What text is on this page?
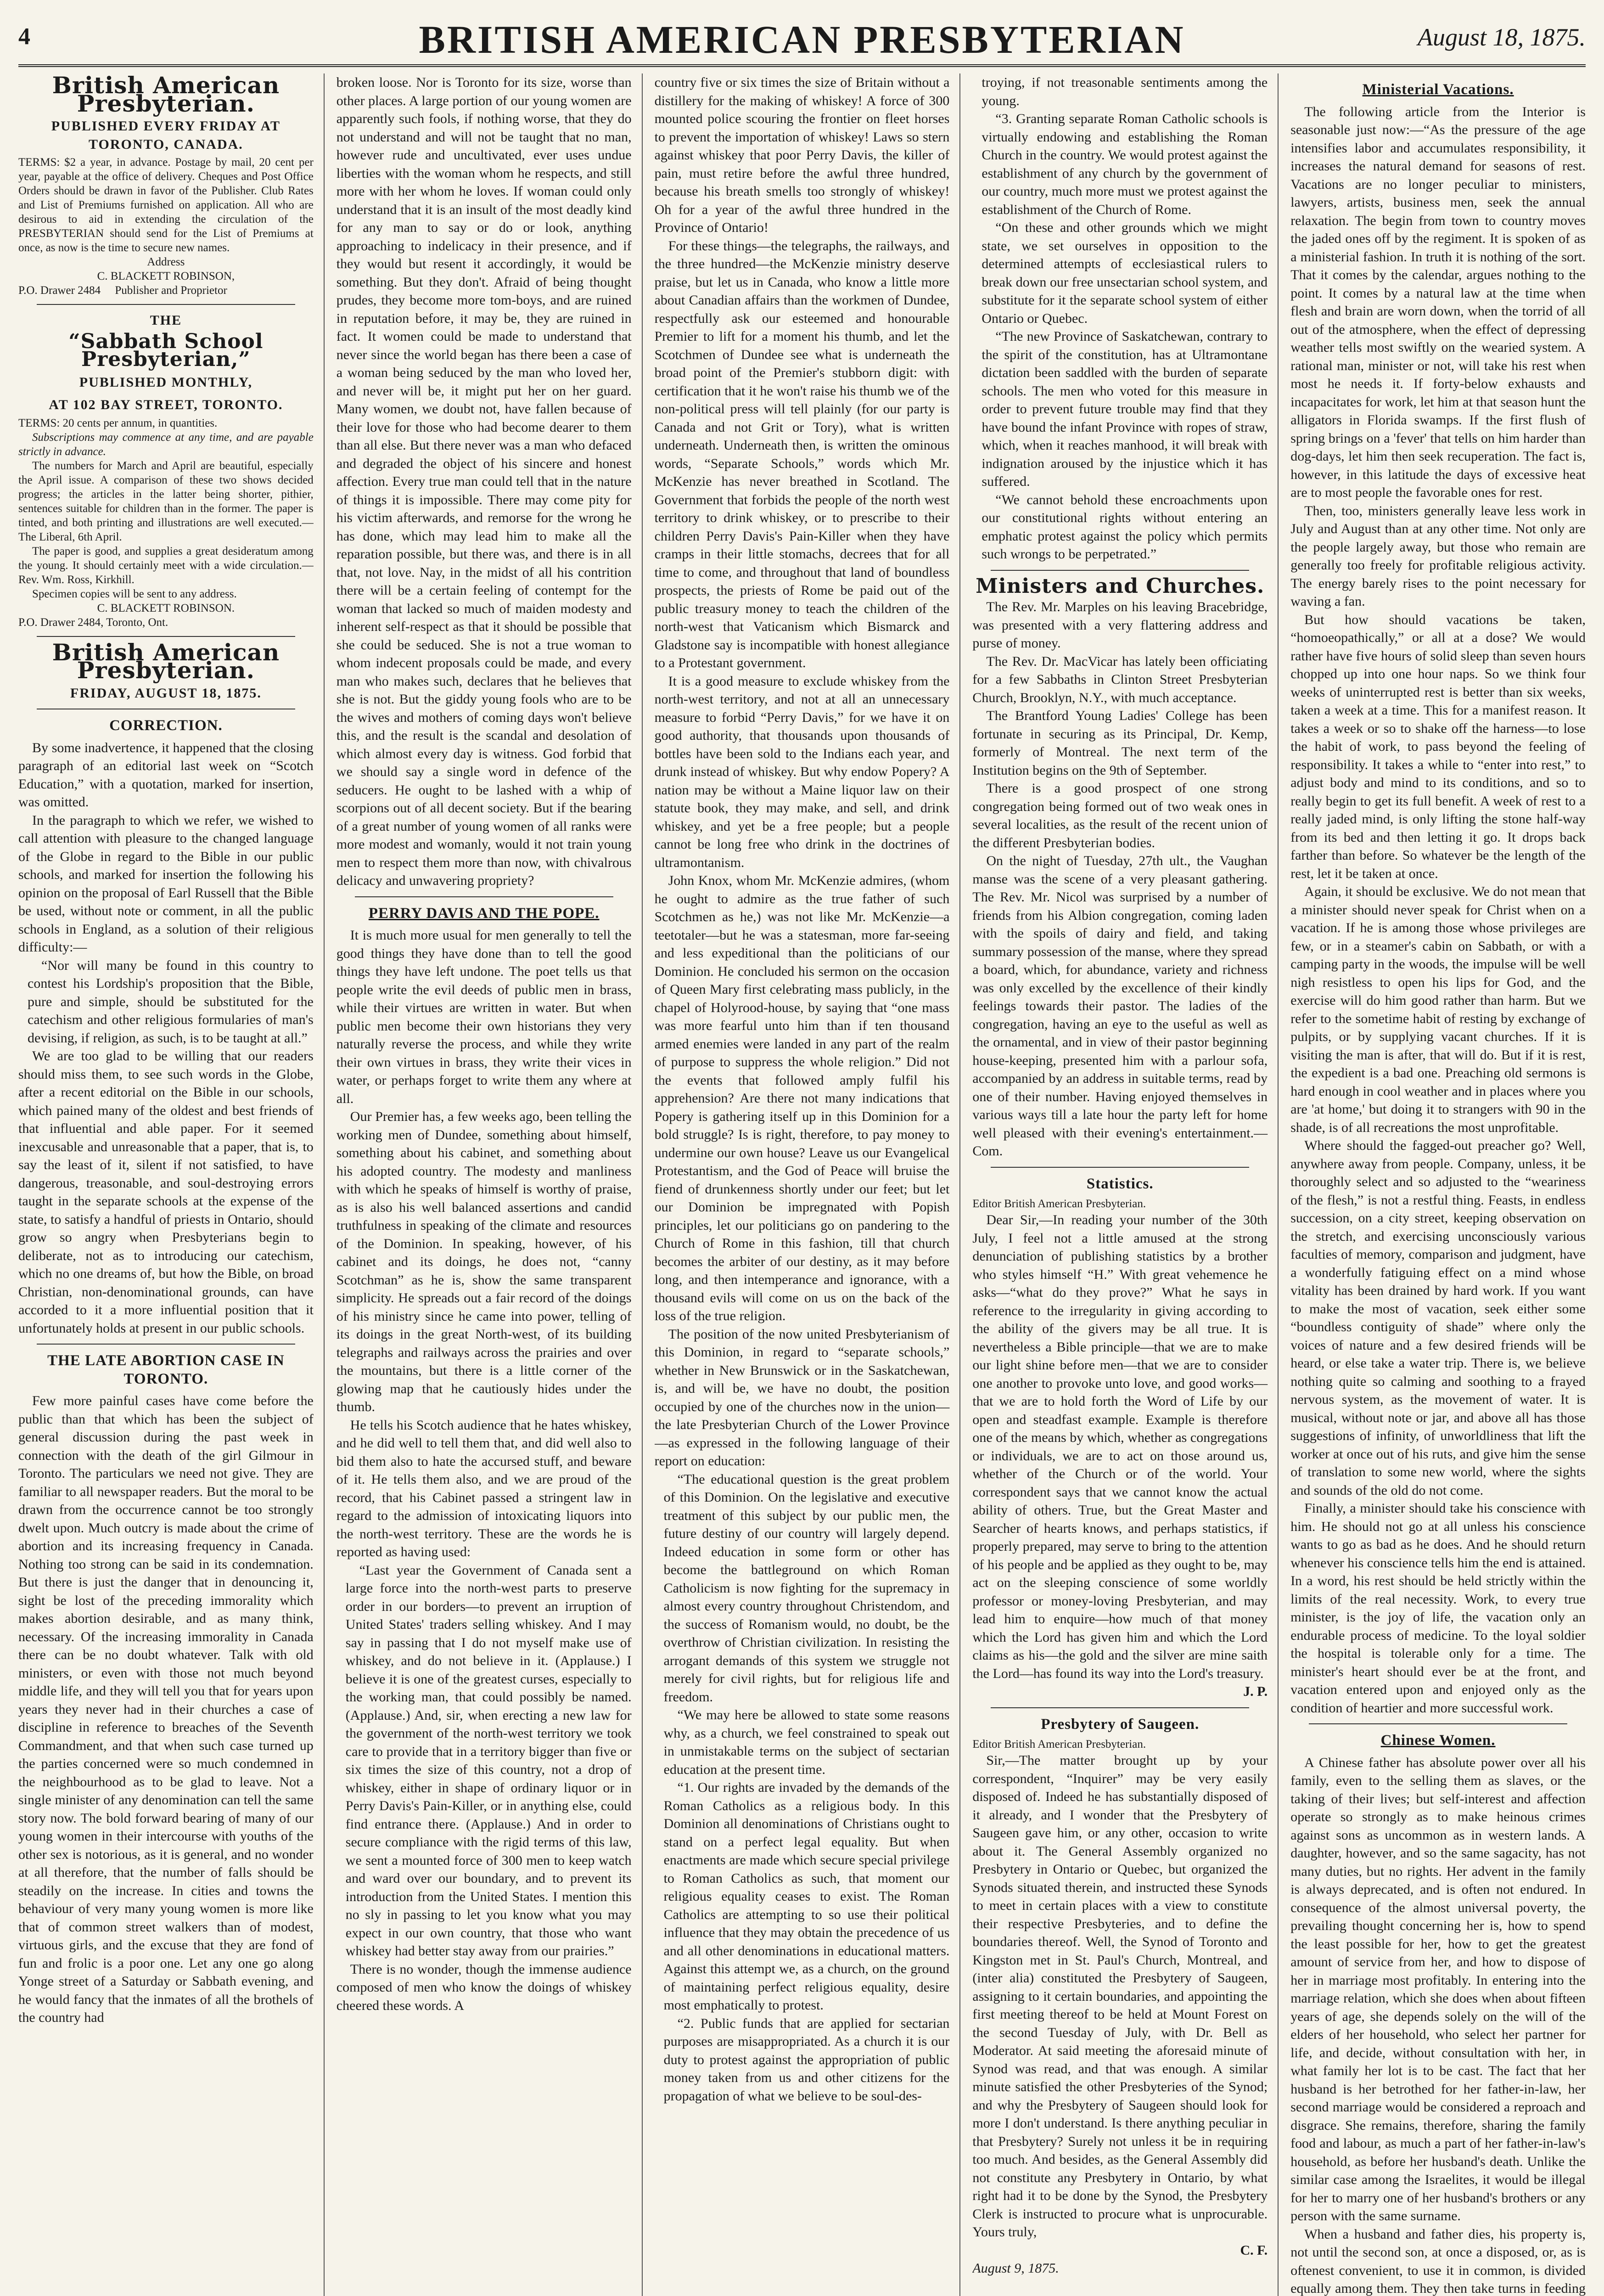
4	BRITISH AMERICAN PRESBYTERIAN	August 18, 1875.
British American Presbyterian.
PUBLISHED EVERY FRIDAY AT TORONTO, CANADA.

TERMS: $2 a year, in advance. Postage by mail, 20 cent per year, payable at the office of delivery. Cheques and Post Office Orders should be drawn in favor of the Publisher. Club Rates and List of Premiums furnished on application. All who are desirous to aid in extending the circulation of the PRESBYTERIAN should send for the List of Premiums at once, as now is the time to secure new names.

Address

C. BLACKETT ROBINSON,

P.O. Drawer 2484 Publisher and Proprietor

THE
“Sabbath School Presbyterian,”
PUBLISHED MONTHLY,
AT 102 BAY STREET, TORONTO.

TERMS: 20 cents per annum, in quantities.

Subscriptions may commence at any time, and are payable strictly in advance.

The numbers for March and April are beautiful, especially the April issue. A comparison of these two shows decided progress; the articles in the latter being shorter, pithier, sentences suitable for children than in the former. The paper is tinted, and both printing and illustrations are well executed.—The Liberal, 6th April.

The paper is good, and supplies a great desideratum among the young. It should certainly meet with a wide circulation.—Rev. Wm. Ross, Kirkhill.

Specimen copies will be sent to any address.

C. BLACKETT ROBINSON.

P.O. Drawer 2484, Toronto, Ont.

British American Presbyterian.
FRIDAY, AUGUST 18, 1875.
CORRECTION.

By some inadvertence, it happened that the closing paragraph of an editorial last week on “Scotch Education,” with a quotation, marked for insertion, was omitted.

In the paragraph to which we refer, we wished to call attention with pleasure to the changed language of the Globe in regard to the Bible in our public schools, and marked for insertion the following his opinion on the proposal of Earl Russell that the Bible be used, without note or comment, in all the public schools in England, as a solution of their religious difficulty:—

“Nor will many be found in this country to contest his Lordship's proposition that the Bible, pure and simple, should be substituted for the catechism and other religious formularies of man's devising, if religion, as such, is to be taught at all.”

We are too glad to be willing that our readers should miss them, to see such words in the Globe, after a recent editorial on the Bible in our schools, which pained many of the oldest and best friends of that influential and able paper. For it seemed inexcusable and unreasonable that a paper, that is, to say the least of it, silent if not satisfied, to have dangerous, treasonable, and soul-destroying errors taught in the separate schools at the expense of the state, to satisfy a handful of priests in Ontario, should grow so angry when Presbyterians begin to deliberate, not as to introducing our catechism, which no one dreams of, but how the Bible, on broad Christian, non-denominational grounds, can have accorded to it a more influential position that it unfortunately holds at present in our public schools.

THE LATE ABORTION CASE IN TORONTO.

Few more painful cases have come before the public than that which has been the subject of general discussion during the past week in connection with the death of the girl Gilmour in Toronto. The particulars we need not give. They are familiar to all newspaper readers. But the moral to be drawn from the occurrence cannot be too strongly dwelt upon. Much outcry is made about the crime of abortion and its increasing frequency in Canada. Nothing too strong can be said in its condemnation. But there is just the danger that in denouncing it, sight be lost of the preceding immorality which makes abortion desirable, and as many think, necessary. Of the increasing immorality in Canada there can be no doubt whatever. Talk with old ministers, or even with those not much beyond middle life, and they will tell you that for years upon years they never had in their churches a case of discipline in reference to breaches of the Seventh Commandment, and that when such case turned up the parties concerned were so much condemned in the neighbourhood as to be glad to leave. Not a single minister of any denomination can tell the same story now. The bold forward bearing of many of our young women in their intercourse with youths of the other sex is notorious, as it is general, and no wonder at all therefore, that the number of falls should be steadily on the increase. In cities and towns the behaviour of very many young women is more like that of common street walkers than of modest, virtuous girls, and the excuse that they are fond of fun and frolic is a poor one. Let any one go along Yonge street of a Saturday or Sabbath evening, and he would fancy that the inmates of all the brothels of the country had

broken loose. Nor is Toronto for its size, worse than other places. A large portion of our young women are apparently such fools, if nothing worse, that they do not understand and will not be taught that no man, however rude and uncultivated, ever uses undue liberties with the woman whom he respects, and still more with her whom he loves. If woman could only understand that it is an insult of the most deadly kind for any man to say or do or look, anything approaching to indelicacy in their presence, and if they would but resent it accordingly, it would be something. But they don't. Afraid of being thought prudes, they become more tom-boys, and are ruined in reputation before, it may be, they are ruined in fact. It women could be made to understand that never since the world began has there been a case of a woman being seduced by the man who loved her, and never will be, it might put her on her guard. Many women, we doubt not, have fallen because of their love for those who had become dearer to them than all else. But there never was a man who defaced and degraded the object of his sincere and honest affection. Every true man could tell that in the nature of things it is impossible. There may come pity for his victim afterwards, and remorse for the wrong he has done, which may lead him to make all the reparation possible, but there was, and there is in all that, not love. Nay, in the midst of all his contrition there will be a certain feeling of contempt for the woman that lacked so much of maiden modesty and inherent self-respect as that it should be possible that she could be seduced. She is not a true woman to whom indecent proposals could be made, and every man who makes such, declares that he believes that she is not. But the giddy young fools who are to be the wives and mothers of coming days won't believe this, and the result is the scandal and desolation of which almost every day is witness. God forbid that we should say a single word in defence of the seducers. He ought to be lashed with a whip of scorpions out of all decent society. But if the bearing of a great number of young women of all ranks were more modest and womanly, would it not train young men to respect them more than now, with chivalrous delicacy and unwavering propriety?

PERRY DAVIS AND THE POPE.

It is much more usual for men generally to tell the good things they have done than to tell the good things they have left undone. The poet tells us that people write the evil deeds of public men in brass, while their virtues are written in water. But when public men become their own historians they very naturally reverse the process, and while they write their own virtues in brass, they write their vices in water, or perhaps forget to write them any where at all.

Our Premier has, a few weeks ago, been telling the working men of Dundee, something about himself, something about his cabinet, and something about his adopted country. The modesty and manliness with which he speaks of himself is worthy of praise, as is also his well balanced assertions and candid truthfulness in speaking of the climate and resources of the Dominion. In speaking, however, of his cabinet and its doings, he does not, “canny Scotchman” as he is, show the same transparent simplicity. He spreads out a fair record of the doings of his ministry since he came into power, telling of its doings in the great North-west, of its building telegraphs and railways across the prairies and over the mountains, but there is a little corner of the glowing map that he cautiously hides under the thumb.

He tells his Scotch audience that he hates whiskey, and he did well to tell them that, and did well also to bid them also to hate the accursed stuff, and beware of it. He tells them also, and we are proud of the record, that his Cabinet passed a stringent law in regard to the admission of intoxicating liquors into the north-west territory. These are the words he is reported as having used:

“Last year the Government of Canada sent a large force into the north-west parts to preserve order in our borders—to prevent an irruption of United States' traders selling whiskey. And I may say in passing that I do not myself make use of whiskey, and do not believe in it. (Applause.) I believe it is one of the greatest curses, especially to the working man, that could possibly be named. (Applause.) And, sir, when erecting a new law for the government of the north-west territory we took care to provide that in a territory bigger than five or six times the size of this country, not a drop of whiskey, either in shape of ordinary liquor or in Perry Davis's Pain-Killer, or in anything else, could find entrance there. (Applause.) And in order to secure compliance with the rigid terms of this law, we sent a mounted force of 300 men to keep watch and ward over our boundary, and to prevent its introduction from the United States. I mention this no sly in passing to let you know what you may expect in our own country, that those who want whiskey had better stay away from our prairies.”

There is no wonder, though the immense audience composed of men who know the doings of whiskey cheered these words. A

country five or six times the size of Britain without a distillery for the making of whiskey! A force of 300 mounted police scouring the frontier on fleet horses to prevent the importation of whiskey! Laws so stern against whiskey that poor Perry Davis, the killer of pain, must retire before the awful three hundred, because his breath smells too strongly of whiskey! Oh for a year of the awful three hundred in the Province of Ontario!

For these things—the telegraphs, the railways, and the three hundred—the McKenzie ministry deserve praise, but let us in Canada, who know a little more about Canadian affairs than the workmen of Dundee, respectfully ask our esteemed and honourable Premier to lift for a moment his thumb, and let the Scotchmen of Dundee see what is underneath the broad point of the Premier's stubborn digit: with certification that it he won't raise his thumb we of the non-political press will tell plainly (for our party is Canada and not Grit or Tory), what is written underneath. Underneath then, is written the ominous words, “Separate Schools,” words which Mr. McKenzie has never breathed in Scotland. The Government that forbids the people of the north west territory to drink whiskey, or to prescribe to their children Perry Davis's Pain-Killer when they have cramps in their little stomachs, decrees that for all time to come, and throughout that land of boundless prospects, the priests of Rome be paid out of the public treasury money to teach the children of the north-west that Vaticanism which Bismarck and Gladstone say is incompatible with honest allegiance to a Protestant government.

It is a good measure to exclude whiskey from the north-west territory, and not at all an unnecessary measure to forbid “Perry Davis,” for we have it on good authority, that thousands upon thousands of bottles have been sold to the Indians each year, and drunk instead of whiskey. But why endow Popery? A nation may be without a Maine liquor law on their statute book, they may make, and sell, and drink whiskey, and yet be a free people; but a people cannot be long free who drink in the doctrines of ultramontanism.

John Knox, whom Mr. McKenzie admires, (whom he ought to admire as the true father of such Scotchmen as he,) was not like Mr. McKenzie—a teetotaler—but he was a statesman, more far-seeing and less expeditional than the politicians of our Dominion. He concluded his sermon on the occasion of Queen Mary first celebrating mass publicly, in the chapel of Holyrood-house, by saying that “one mass was more fearful unto him than if ten thousand armed enemies were landed in any part of the realm of purpose to suppress the whole religion.” Did not the events that followed amply fulfil his apprehension? Are there not many indications that Popery is gathering itself up in this Dominion for a bold struggle? Is is right, therefore, to pay money to undermine our own house? Leave us our Evangelical Protestantism, and the God of Peace will bruise the fiend of drunkenness shortly under our feet; but let our Dominion be impregnated with Popish principles, let our politicians go on pandering to the Church of Rome in this fashion, till that church becomes the arbiter of our destiny, as it may before long, and then intemperance and ignorance, with a thousand evils will come on us on the back of the loss of the true religion.

The position of the now united Presbyterianism of this Dominion, in regard to “separate schools,” whether in New Brunswick or in the Saskatchewan, is, and will be, we have no doubt, the position occupied by one of the churches now in the union—the late Presbyterian Church of the Lower Province—as expressed in the following language of their report on education:

“The educational question is the great problem of this Dominion. On the legislative and executive treatment of this subject by our public men, the future destiny of our country will largely depend. Indeed education in some form or other has become the battleground on which Roman Catholicism is now fighting for the supremacy in almost every country throughout Christendom, and the success of Romanism would, no doubt, be the overthrow of Christian civilization. In resisting the arrogant demands of this system we struggle not merely for civil rights, but for religious life and freedom.

“We may here be allowed to state some reasons why, as a church, we feel constrained to speak out in unmistakable terms on the subject of sectarian education at the present time.

“1. Our rights are invaded by the demands of the Roman Catholics as a religious body. In this Dominion all denominations of Christians ought to stand on a perfect legal equality. But when enactments are made which secure special privilege to Roman Catholics as such, that moment our religious equality ceases to exist. The Roman Catholics are attempting to so use their political influence that they may obtain the precedence of us and all other denominations in educational matters. Against this attempt we, as a church, on the ground of maintaining perfect religious equality, desire most emphatically to protest.

“2. Public funds that are applied for sectarian purposes are misappropriated. As a church it is our duty to protest against the appropriation of public money taken from us and other citizens for the propagation of what we believe to be soul-des-

troying, if not treasonable sentiments among the young.

“3. Granting separate Roman Catholic schools is virtually endowing and establishing the Roman Church in the country. We would protest against the establishment of any church by the government of our country, much more must we protest against the establishment of the Church of Rome.

“On these and other grounds which we might state, we set ourselves in opposition to the determined attempts of ecclesiastical rulers to break down our free unsectarian school system, and substitute for it the separate school system of either Ontario or Quebec.

“The new Province of Saskatchewan, contrary to the spirit of the constitution, has at Ultramontane dictation been saddled with the burden of separate schools. The men who voted for this measure in order to prevent future trouble may find that they have bound the infant Province with ropes of straw, which, when it reaches manhood, it will break with indignation aroused by the injustice which it has suffered.

“We cannot behold these encroachments upon our constitutional rights without entering an emphatic protest against the policy which permits such wrongs to be perpetrated.”

Ministers and Churches.

The Rev. Mr. Marples on his leaving Bracebridge, was presented with a very flattering address and purse of money.

The Rev. Dr. MacVicar has lately been officiating for a few Sabbaths in Clinton Street Presbyterian Church, Brooklyn, N.Y., with much acceptance.

The Brantford Young Ladies' College has been fortunate in securing as its Principal, Dr. Kemp, formerly of Montreal. The next term of the Institution begins on the 9th of September.

There is a good prospect of one strong congregation being formed out of two weak ones in several localities, as the result of the recent union of the different Presbyterian bodies.

On the night of Tuesday, 27th ult., the Vaughan manse was the scene of a very pleasant gathering. The Rev. Mr. Nicol was surprised by a number of friends from his Albion congregation, coming laden with the spoils of dairy and field, and taking summary possession of the manse, where they spread a board, which, for abundance, variety and richness was only excelled by the excellence of their kindly feelings towards their pastor. The ladies of the congregation, having an eye to the useful as well as the ornamental, and in view of their pastor beginning house-keeping, presented him with a parlour sofa, accompanied by an address in suitable terms, read by one of their number. Having enjoyed themselves in various ways till a late hour the party left for home well pleased with their evening's entertainment.—Com.

Statistics.

Editor British American Presbyterian.

Dear Sir,—In reading your number of the 30th July, I feel not a little amused at the strong denunciation of publishing statistics by a brother who styles himself “H.” With great vehemence he asks—“what do they prove?” What he says in reference to the irregularity in giving according to the ability of the givers may be all true. It is nevertheless a Bible principle—that we are to make our light shine before men—that we are to consider one another to provoke unto love, and good works—that we are to hold forth the Word of Life by our open and steadfast example. Example is therefore one of the means by which, whether as congregations or individuals, we are to act on those around us, whether of the Church or of the world. Your correspondent says that we cannot know the actual ability of others. True, but the Great Master and Searcher of hearts knows, and perhaps statistics, if properly prepared, may serve to bring to the attention of his people and be applied as they ought to be, may act on the sleeping conscience of some worldly professor or money-loving Presbyterian, and may lead him to enquire—how much of that money which the Lord has given him and which the Lord claims as his—the gold and the silver are mine saith the Lord—has found its way into the Lord's treasury.

J. P.

Presbytery of Saugeen.

Editor British American Presbyterian.

Sir,—The matter brought up by your correspondent, “Inquirer” may be very easily disposed of. Indeed he has substantially disposed of it already, and I wonder that the Presbytery of Saugeen gave him, or any other, occasion to write about it. The General Assembly organized no Presbytery in Ontario or Quebec, but organized the Synods situated therein, and instructed these Synods to meet in certain places with a view to constitute their respective Presbyteries, and to define the boundaries thereof. Well, the Synod of Toronto and Kingston met in St. Paul's Church, Montreal, and (inter alia) constituted the Presbytery of Saugeen, assigning to it certain boundaries, and appointing the first meeting thereof to be held at Mount Forest on the second Tuesday of July, with Dr. Bell as Moderator. At said meeting the aforesaid minute of Synod was read, and that was enough. A similar minute satisfied the other Presbyteries of the Synod; and why the Presbytery of Saugeen should look for more I don't understand. Is there anything peculiar in that Presbytery? Surely not unless it be in requiring too much. And besides, as the General Assembly did not constitute any Presbytery in Ontario, by what right had it to be done by the Synod, the Presbytery Clerk is instructed to procure what is unprocurable. Yours truly,

C. F.

August 9, 1875.

Ministerial Vacations.

The following article from the Interior is seasonable just now:—“As the pressure of the age intensifies labor and accumulates responsibility, it increases the natural demand for seasons of rest. Vacations are no longer peculiar to ministers, lawyers, artists, business men, seek the annual relaxation. The begin from town to country moves the jaded ones off by the regiment. It is spoken of as a ministerial fashion. In truth it is nothing of the sort. That it comes by the calendar, argues nothing to the point. It comes by a natural law at the time when flesh and brain are worn down, when the torrid of all out of the atmosphere, when the effect of depressing weather tells most swiftly on the wearied system. A rational man, minister or not, will take his rest when most he needs it. If forty-below exhausts and incapacitates for work, let him at that season hunt the alligators in Florida swamps. If the first flush of spring brings on a 'fever' that tells on him harder than dog-days, let him then seek recuperation. The fact is, however, in this latitude the days of excessive heat are to most people the favorable ones for rest.

Then, too, ministers generally leave less work in July and August than at any other time. Not only are the people largely away, but those who remain are generally too freely for profitable religious activity. The energy barely rises to the point necessary for waving a fan.

But how should vacations be taken, “homoeopathically,” or all at a dose? We would rather have five hours of solid sleep than seven hours chopped up into one hour naps. So we think four weeks of uninterrupted rest is better than six weeks, taken a week at a time. This for a manifest reason. It takes a week or so to shake off the harness—to lose the habit of work, to pass beyond the feeling of responsibility. It takes a while to “enter into rest,” to adjust body and mind to its conditions, and so to really begin to get its full benefit. A week of rest to a really jaded mind, is only lifting the stone half-way from its bed and then letting it go. It drops back farther than before. So whatever be the length of the rest, let it be taken at once.

Again, it should be exclusive. We do not mean that a minister should never speak for Christ when on a vacation. If he is among those whose privileges are few, or in a steamer's cabin on Sabbath, or with a camping party in the woods, the impulse will be well nigh resistless to open his lips for God, and the exercise will do him good rather than harm. But we refer to the sometime habit of resting by exchange of pulpits, or by supplying vacant churches. If it is visiting the man is after, that will do. But if it is rest, the expedient is a bad one. Preaching old sermons is hard enough in cool weather and in places where you are 'at home,' but doing it to strangers with 90 in the shade, is of all recreations the most unprofitable.

Where should the fagged-out preacher go? Well, anywhere away from people. Company, unless, it be thoroughly select and so adjusted to the “weariness of the flesh,” is not a restful thing. Feasts, in endless succession, on a city street, keeping observation on the stretch, and exercising unconsciously various faculties of memory, comparison and judgment, have a wonderfully fatiguing effect on a mind whose vitality has been drained by hard work. If you want to make the most of vacation, seek either some “boundless contiguity of shade” where only the voices of nature and a few desired friends will be heard, or else take a water trip. There is, we believe nothing quite so calming and soothing to a frayed nervous system, as the movement of water. It is musical, without note or jar, and above all has those suggestions of infinity, of unworldliness that lift the worker at once out of his ruts, and give him the sense of translation to some new world, where the sights and sounds of the old do not come.

Finally, a minister should take his conscience with him. He should not go at all unless his conscience wants to go as bad as he does. And he should return whenever his conscience tells him the end is attained. In a word, his rest should be held strictly within the limits of the real necessity. Work, to every true minister, is the joy of life, the vacation only an endurable process of medicine. To the loyal soldier the hospital is tolerable only for a time. The minister's heart should ever be at the front, and vacation entered upon and enjoyed only as the condition of heartier and more successful work.

Chinese Women.

A Chinese father has absolute power over all his family, even to the selling them as slaves, or the taking of their lives; but self-interest and affection operate so strongly as to make heinous crimes against sons as uncommon as in western lands. A daughter, however, and so the same sagacity, has not many duties, but no rights. Her advent in the family is always deprecated, and is often not endured. In consequence of the almost universal poverty, the prevailing thought concerning her is, how to spend the least possible for her, how to get the greatest amount of service from her, and how to dispose of her in marriage most profitably. In entering into the marriage relation, which she does when about fifteen years of age, she depends solely on the will of the elders of her household, who select her partner for life, and decide, without consultation with her, in what family her lot is to be cast. The fact that her husband is her betrothed for her father-in-law, her second marriage would be considered a reproach and disgrace. She remains, therefore, sharing the family food and labour, as much a part of her father-in-law's household, as before her husband's death. Unlike the similar case among the Israelites, it would be illegal for her to marry one of her husband's brothers or any person with the same surname.

When a husband and father dies, his property is, not until the second son, at once a disposed, or, as is oftenest convenient, to use it in common, is divided equally among them. They then take turns in feeding
